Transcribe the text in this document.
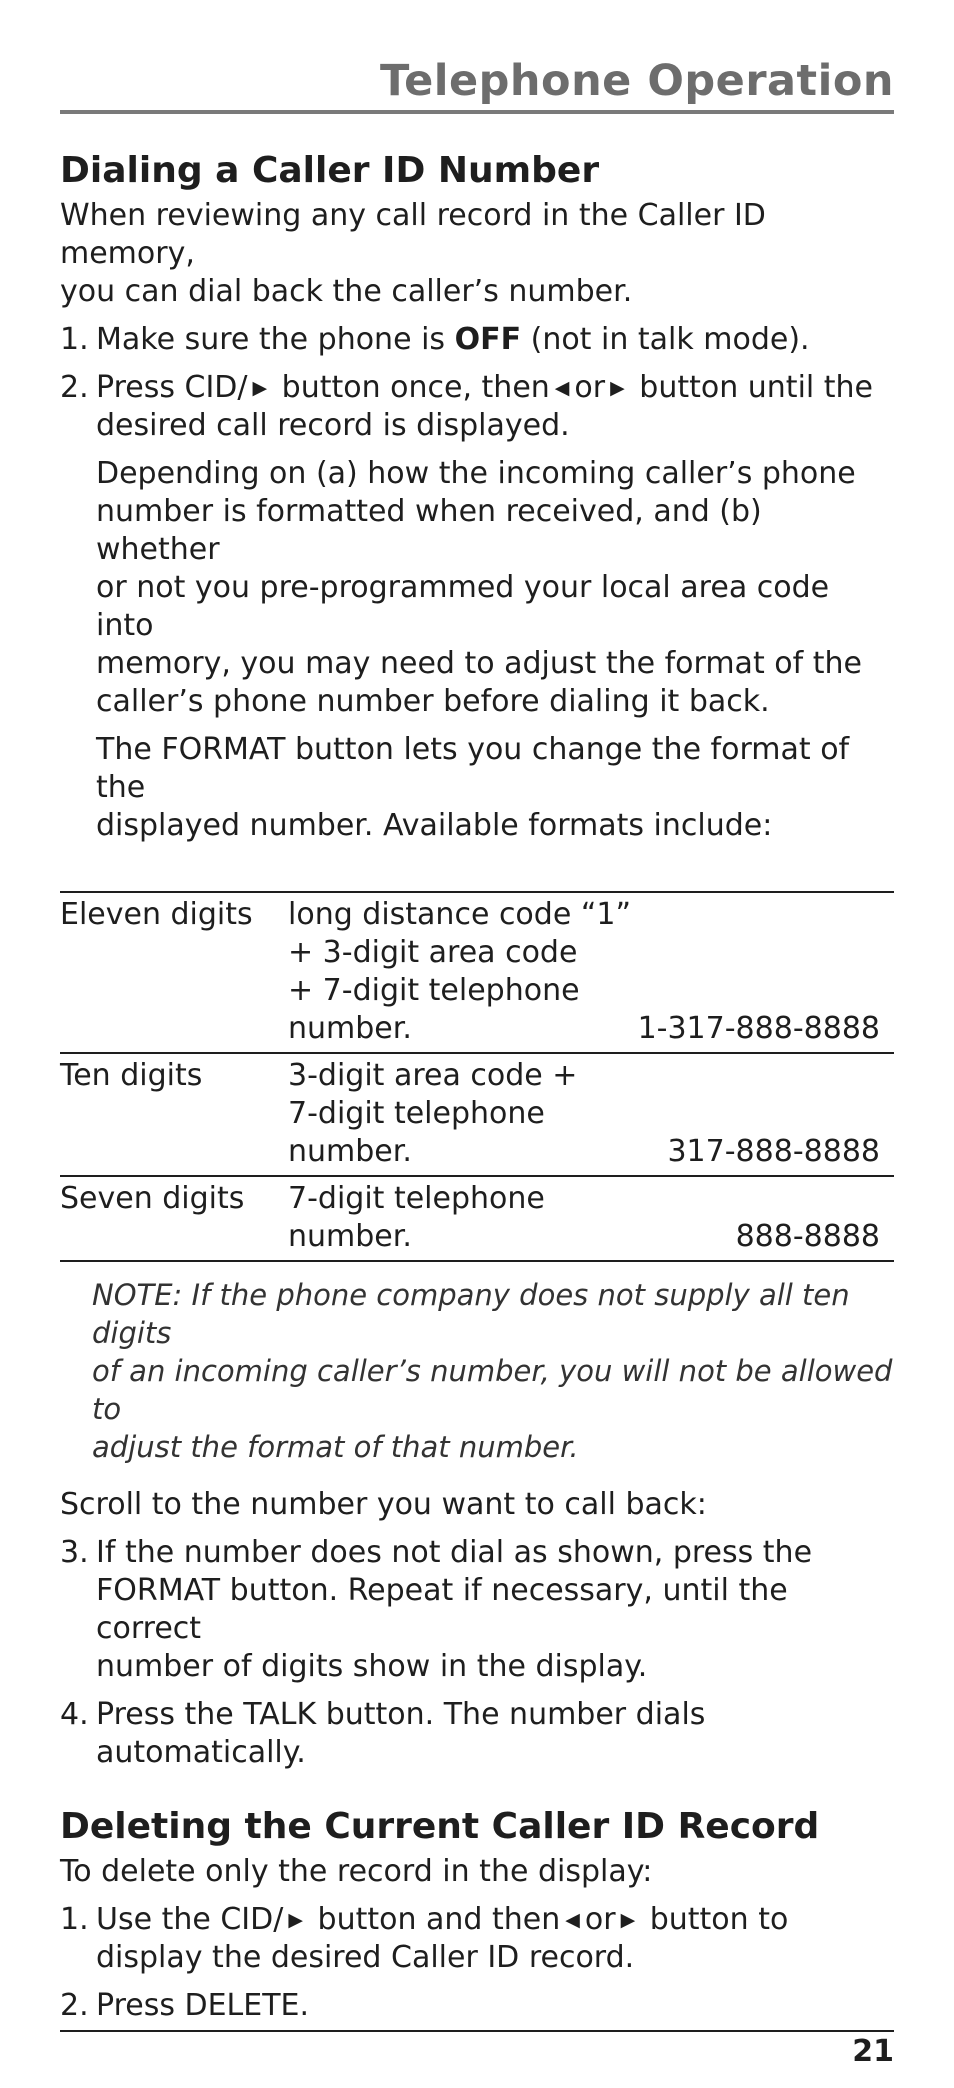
Telephone Operation
Dialing a Caller ID Number

When reviewing any call record in the Caller ID memory,

you can dial back the caller’s number.

1. Make sure the phone is OFF (not in talk mode).
2. Press CID/ ▶ button once, then ◀ or ▶ button until the
desired call record is displayed.

Depending on (a) how the incoming caller’s phone

number is formatted when received, and (b) whether

or not you pre-programmed your local area code into

memory, you may need to adjust the format of the

caller’s phone number before dialing it back.

The FORMAT button lets you change the format of the

displayed number. Available formats include:

Eleven digits	long distance code “1”
+ 3-digit area code
+ 7-digit telephone
number.	1-317-888-8888
Ten digits	3-digit area code +
7-digit telephone number.	317-888-8888
Seven digits	7-digit telephone number.	888-8888
NOTE: If the phone company does not supply all ten digits
of an incoming caller’s number, you will not be allowed to
adjust the format of that number.

Scroll to the number you want to call back:

3. If the number does not dial as shown, press the
FORMAT button. Repeat if necessary, until the correct
number of digits show in the display.
4. Press the TALK button. The number dials automatically.
Deleting the Current Caller ID Record

To delete only the record in the display:

1. Use the CID/ ▶ button and then ◀ or ▶ button to
display the desired Caller ID record.
2. Press DELETE.
21
